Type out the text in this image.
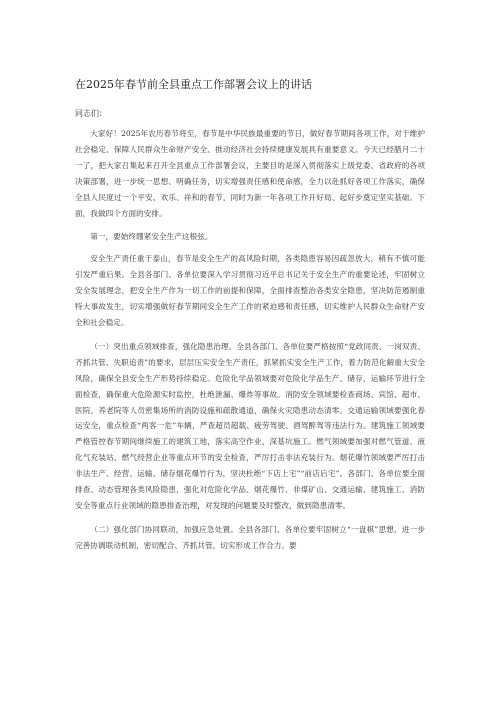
在2025年春节前全县重点工作部署会议上的讲话
同志们：

大家好！2025年农历春节将至，春节是中华民族最重要的节日，做好春节期间各项工作，对于维护社会稳定、保障人民群众生命财产安全、推动经济社会持续健康发展具有重要意义。今天已经腊月二十一了，把大家召集起来召开全县重点工作部署会议，主要目的是深入贯彻落实上级党委、省政府的各项决策部署，进一步统一思想、明确任务，切实增强责任感和使命感，全力以赴抓好各项工作落实，确保全县人民度过一个平安、欢乐、祥和的春节，同时为新一年各项工作开好局、起好步奠定坚实基础。下面，我做四个方面的安排。

第一，要始终绷紧安全生产这根弦。

安全生产责任重于泰山，春节是安全生产的高风险时期，各类隐患容易因疏忽放大，稍有不慎可能引发严重后果。全县各部门、各单位要深入学习贯彻习近平总书记关于安全生产的重要论述，牢固树立安全发展理念，把安全生产作为一切工作的前提和保障，全面排查整治各类安全隐患，坚决防范遏制重特大事故发生，切实增强做好春节期间安全生产工作的紧迫感和责任感，切实维护人民群众生命财产安全和社会稳定。

（一）突出重点领域排查，强化隐患治理。全县各部门、各单位要严格按照“党政同责、一岗双责、齐抓共管、失职追责”的要求，层层压实安全生产责任，抓紧抓实安全生产工作，着力防范化解重大安全风险，确保全县安全生产形势持续稳定。危险化学品领域要对危险化学品生产、储存、运输环节进行全面检查，确保重大危险源实时监控，杜绝泄漏、爆炸等事故。消防安全领域要检查商场、宾馆、超市、医院、养老院等人员密集场所的消防设施和疏散通道，确保火灾隐患动态清零。交通运输领域要强化春运安全，重点检查“两客一危”车辆，严查超员超载、疲劳驾驶、酒驾醉驾等违法行为。建筑施工领域要严格管控春节期间继续施工的建筑工地，落实高空作业、深基坑施工。燃气领域要加强对燃气管道、液化气充装站、燃气经营企业等重点环节的安全检查，严厉打击非法充装行为。烟花爆竹领域要严厉打击非法生产、经营、运输、储存烟花爆竹行为，坚决杜绝“下店上宅”“前店后宅”。各部门、各单位要全面排查、动态管理各类风险隐患，强化对危险化学品、烟花爆竹、非煤矿山、交通运输、建筑施工、消防安全等重点行业领域的隐患排查治理，对发现的问题要及时整改，做到隐患清零。

（二）强化部门协同联动，加强应急处置。全县各部门、各单位要牢固树立“一盘棋”思想，进一步完善协调联动机制，密切配合、齐抓共管，切实形成工作合力。要
